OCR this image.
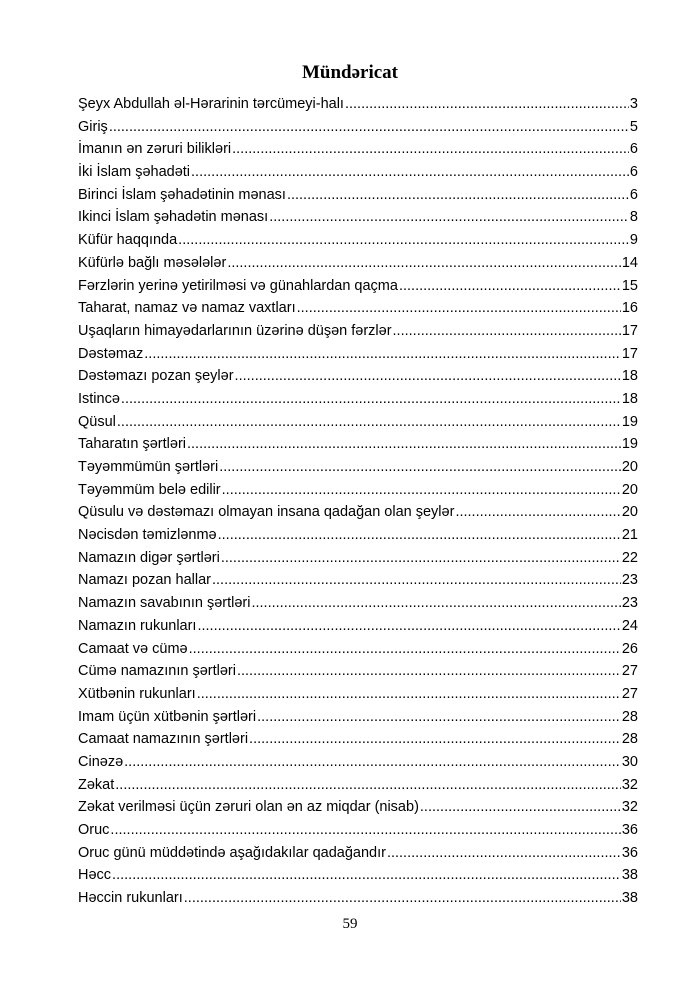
Mündəricat
Şeyx Abdullah əl-Hərarinin tərcümeyi-halı .....	3
Giriş .....	5
İmanın ən zəruri bilikləri .....	6
İki İslam şəhadəti .....	6
Birinci İslam şəhadətinin mənası .....	6
Ikinci İslam şəhadətin mənası .....	8
Küfür haqqında .....	9
Küfürlə bağlı məsələlər .....	14
Fərzlərin yerinə yetirilməsi və günahlardan qaçma .....	15
Taharat, namaz və namaz vaxtları .....	16
Uşaqların himayədarlarının üzərinə düşən fərzlər .....	17
Dəstəmaz .....	17
Dəstəmazı pozan şeylər .....	18
Istincə .....	18
Qüsul .....	19
Taharatın şərtləri .....	19
Təyəmmümün şərtləri .....	20
Təyəmmüm belə edilir .....	20
Qüsulu və dəstəmazı olmayan insana qadağan olan şeylər .....	20
Nəcisdən təmizlənmə .....	21
Namazın digər şərtləri .....	22
Namazı pozan hallar .....	23
Namazın savabının şərtləri .....	23
Namazın rukunları .....	24
Camaat və cümə .....	26
Cümə namazının şərtləri .....	27
Xütbənin rukunları .....	27
Imam üçün xütbənin şərtləri .....	28
Camaat namazının şərtləri .....	28
Cinəzə .....	30
Zəkat .....	32
Zəkat verilməsi üçün zəruri olan ən az miqdar (nisab) .....	32
Oruc .....	36
Oruc günü müddətində aşağıdakılar qadağandır .....	36
Həcc .....	38
Həccin rukunları .....	38
59
